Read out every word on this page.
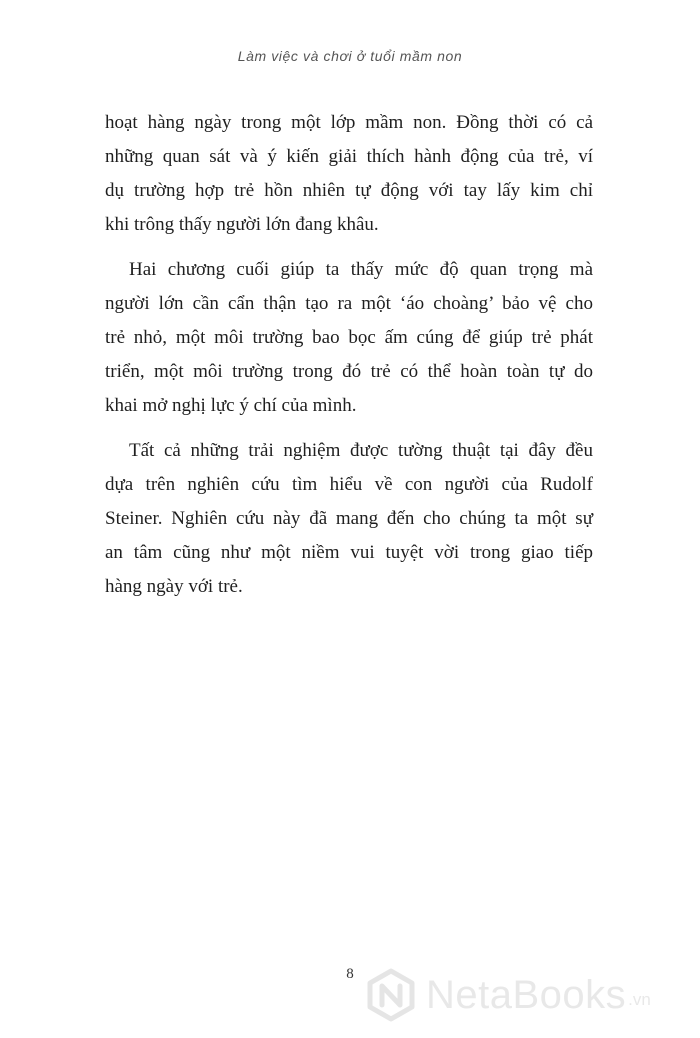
Làm việc và chơi ở tuổi mầm non

hoạt hàng ngày trong một lớp mầm non. Đồng thời có cả
những quan sát và ý kiến giải thích hành động của trẻ, ví
dụ trường hợp trẻ hồn nhiên tự động với tay lấy kim chỉ
khi trông thấy người lớn đang khâu.

Hai chương cuối giúp ta thấy mức độ quan trọng mà
người lớn cần cẩn thận tạo ra một ‘áo choàng’ bảo vệ cho
trẻ nhỏ, một môi trường bao bọc ấm cúng để giúp trẻ phát
triển, một môi trường trong đó trẻ có thể hoàn toàn tự do
khai mở nghị lực ý chí của mình.

Tất cả những trải nghiệm được tường thuật tại đây đều
dựa trên nghiên cứu tìm hiểu về con người của Rudolf
Steiner. Nghiên cứu này đã mang đến cho chúng ta một sự
an tâm cũng như một niềm vui tuyệt vời trong giao tiếp
hàng ngày với trẻ.

8	NetaBooks .vn
